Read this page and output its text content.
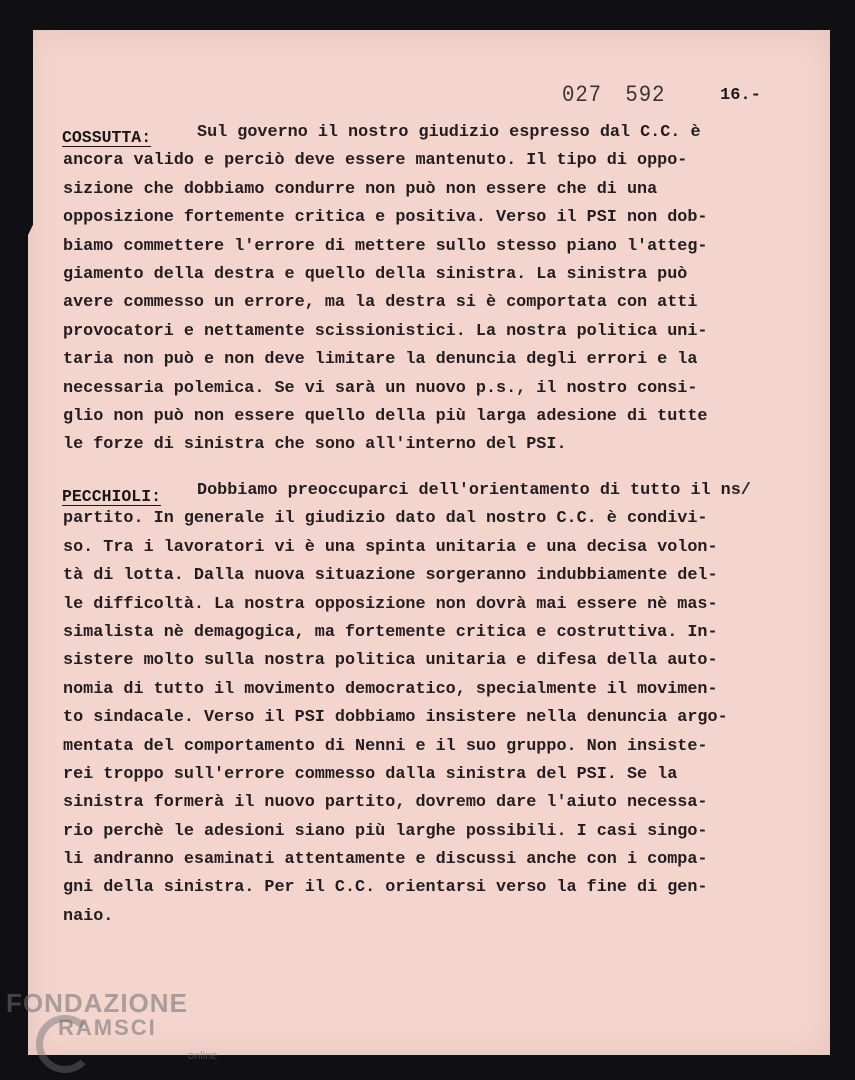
027 592	16.-
COSSUTTA:	Sul governo il nostro giudizio espresso dal C.C. è
ancora valido e perciò deve essere mantenuto. Il tipo di oppo-
sizione che dobbiamo condurre non può non essere che di una
opposizione fortemente critica e positiva. Verso il PSI non dob-
biamo commettere l'errore di mettere sullo stesso piano l'atteg-
giamento della destra e quello della sinistra. La sinistra può
avere commesso un errore, ma la destra si è comportata con atti
provocatori e nettamente scissionistici. La nostra politica uni-
taria non può e non deve limitare la denuncia degli errori e la
necessaria polemica. Se vi sarà un nuovo p.s., il nostro consi-
glio non può non essere quello della più larga adesione di tutte
le forze di sinistra che sono all'interno del PSI.
PECCHIOLI: Dobbiamo preoccuparci dell'orientamento di tutto il ns/
partito. In generale il giudizio dato dal nostro C.C. è condivi-
so. Tra i lavoratori vi è una spinta unitaria e una decisa volon-
tà di lotta. Dalla nuova situazione sorgeranno indubbiamente del-
le difficoltà. La nostra opposizione non dovrà mai essere nè mas-
simalista nè demagogica, ma fortemente critica e costruttiva. In-
sistere molto sulla nostra politica unitaria e difesa della auto-
nomia di tutto il movimento democratico, specialmente il movimen-
to sindacale. Verso il PSI dobbiamo insistere nella denuncia argo-
mentata del comportamento di Nenni e il suo gruppo. Non insiste-
rei troppo sull'errore commesso dalla sinistra del PSI. Se la
sinistra formerà il nuovo partito, dovremo dare l'aiuto necessa-
rio perchè le adesioni siano più larghe possibili. I casi singo-
li andranno esaminati attentamente e discussi anche con i compa-
gni della sinistra. Per il C.C. orientarsi verso la fine di gen-
naio.
FONDAZIONE
RAMSCI
online
